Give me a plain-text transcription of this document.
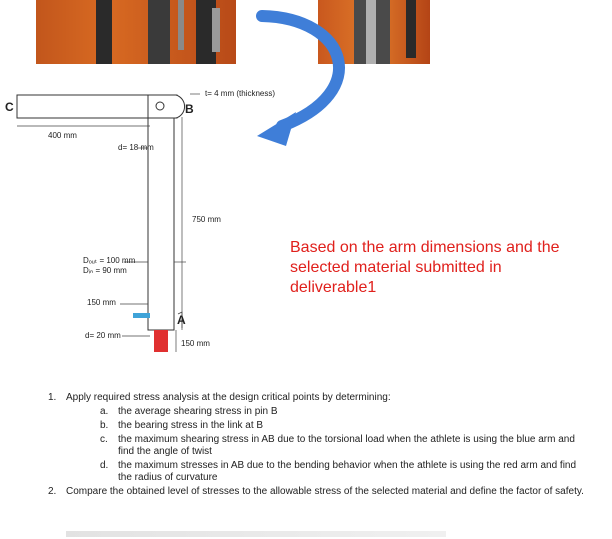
C	B
A
t= 4 mm (thickness)
400 mm
d= 18 mm
750 mm
Dₒᵤₜ = 100 mm
Dᵢₙ = 90 mm
150 mm
d= 20 mm
150 mm

Based on the arm dimensions and the selected material submitted in deliverable1

1. Apply required stress analysis at the design critical points by determining:
a. the average shearing stress in pin B
b. the bearing stress in the link at B
c. the maximum shearing stress in AB due to the torsional load when the athlete is using the blue arm and find the angle of twist
d. the maximum stresses in AB due to the bending behavior when the athlete is using the red arm and find the radius of curvature
2. Compare the obtained level of stresses to the allowable stress of the selected material and define the factor of safety.
